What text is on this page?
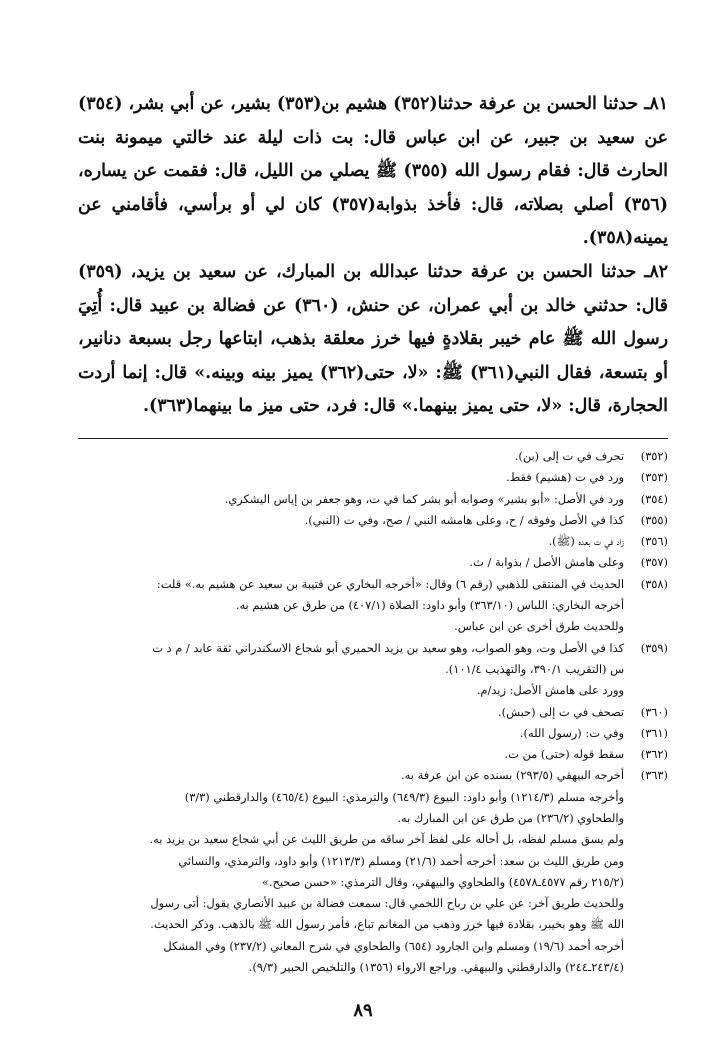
٨١ـ حدثنا الحسن بن عرفة حدثنا(٣٥٢) هشيم بن(٣٥٣) بشير، عن أبي بشر، (٣٥٤) عن سعيد بن جبير، عن ابن عباس قال: بت ذات ليلة عند خالتي ميمونة بنت الحارث قال: فقام رسول الله (٣٥٥) ﷺ يصلي من الليل، قال: فقمت عن يساره، (٣٥٦) أصلي بصلاته، قال: فأخذ بذوابة(٣٥٧) كان لي أو برأسي، فأقامني عن يمينه(٣٥٨).

٨٢ـ حدثنا الحسن بن عرفة حدثنا عبدالله بن المبارك، عن سعيد بن يزيد، (٣٥٩) قال: حدثني خالد بن أبي عمران، عن حنش، (٣٦٠) عن فضالة بن عبيد قال: أُتِيَ رسول الله ﷺ عام خيبر بقلادةٍ فيها خرز معلقة بذهب، ابتاعها رجل بسبعة دنانير، أو بتسعة، فقال النبي(٣٦١) ﷺ: «لا، حتى(٣٦٢) يميز بينه وبينه.» قال: إنما أردت الحجارة، قال: «لا، حتى يميز بينهما.» قال: فرد، حتى ميز ما بينهما(٣٦٣).

(٣٥٢)
تحرف في ت إلى (بن).
(٣٥٣)
ورد في ت (هشيم) فقط.
(٣٥٤)
ورد في الأصل: «أبو بشير» وصوابه أبو بشر كما في ت، وهو جعفر بن إياس اليشكري.
(٣٥٥)
كذا في الأصل وفوقه / ح، وعلى هامشه النبي / صح، وفي ت (النبي).
(٣٥٦)
زاد في ت بعده (ﷺ).
(٣٥٧)
وعلى هامش الأصل / بذوابة / ث.
(٣٥٨)
الحديث في المنتقى للذهبي (رقم ٦) وقال: «أخرجه البخاري عن قتيبة بن سعيد عن هشيم به.» قلت:
أخرجه البخاري: اللباس (٣٦٣/١٠) وأبو داود: الصلاة (٤٠٧/١) من طرق عن هشيم به.
وللحديث طرق أخرى عن ابن عباس.
(٣٥٩)
كذا في الأصل وت، وهو الصواب، وهو سعيد بن يزيد الحميري أبو شجاع الاسكندراني ثقة عابد / م د ت
س (التقريب ٣٩٠/١، والتهذيب ١٠١/٤).
وورد على هامش الأصل: زيد/م.
(٣٦٠)
تصحف في ت إلى (حبش).
(٣٦١)
وفي ت: (رسول الله).
(٣٦٢)
سقط قوله (حتى) من ت.
(٣٦٣)
أخرجه البيهقي (٢٩٣/٥) بسنده عن ابن عرفة به.
وأخرجه مسلم (١٢١٤/٣) وأبو داود: البيوع (٦٤٩/٣) والترمذي: البيوع (٤٦٥/٤) والدارقطني (٣/٣)
والطحاوي (٢٣٦/٢) من طرق عن ابن المبارك به.
ولم يسق مسلم لفظه، بل أحاله على لفظ آخر ساقه من طريق الليث عن أبي شجاع سعيد بن يزيد به.
ومن طريق الليث بن سعد: أخرجه أحمد (٢١/٦) ومسلم (١٢١٣/٣) وأبو داود، والترمذي، والنسائي
(٢١٥/٢ رقم ٤٥٧٧ـ٤٥٧٨) والطحاوي والبيهقي، وقال الترمذي: «حسن صحيح.»
وللحديث طريق آخر: عن علي بن رباح اللخمي قال: سمعت فضالة بن عبيد الأنصاري يقول: أتى رسول
الله ﷺ وهو بخيبر، بقلادة فيها خرز وذهب من المغانم تباع، فأمر رسول الله ﷺ بالذهب. وذكر الحديث.
أخرجه أحمد (١٩/٦) ومسلم وابن الجارود (٦٥٤) والطحاوي في شرح المعاني (٢٣٧/٢) وفي المشكل
(٢٤٣/٤ـ٢٤٤) والدارقطني والبيهقي. وراجع الارواء (١٣٥٦) والتلخيص الحبير (٩/٣).
٨٩
